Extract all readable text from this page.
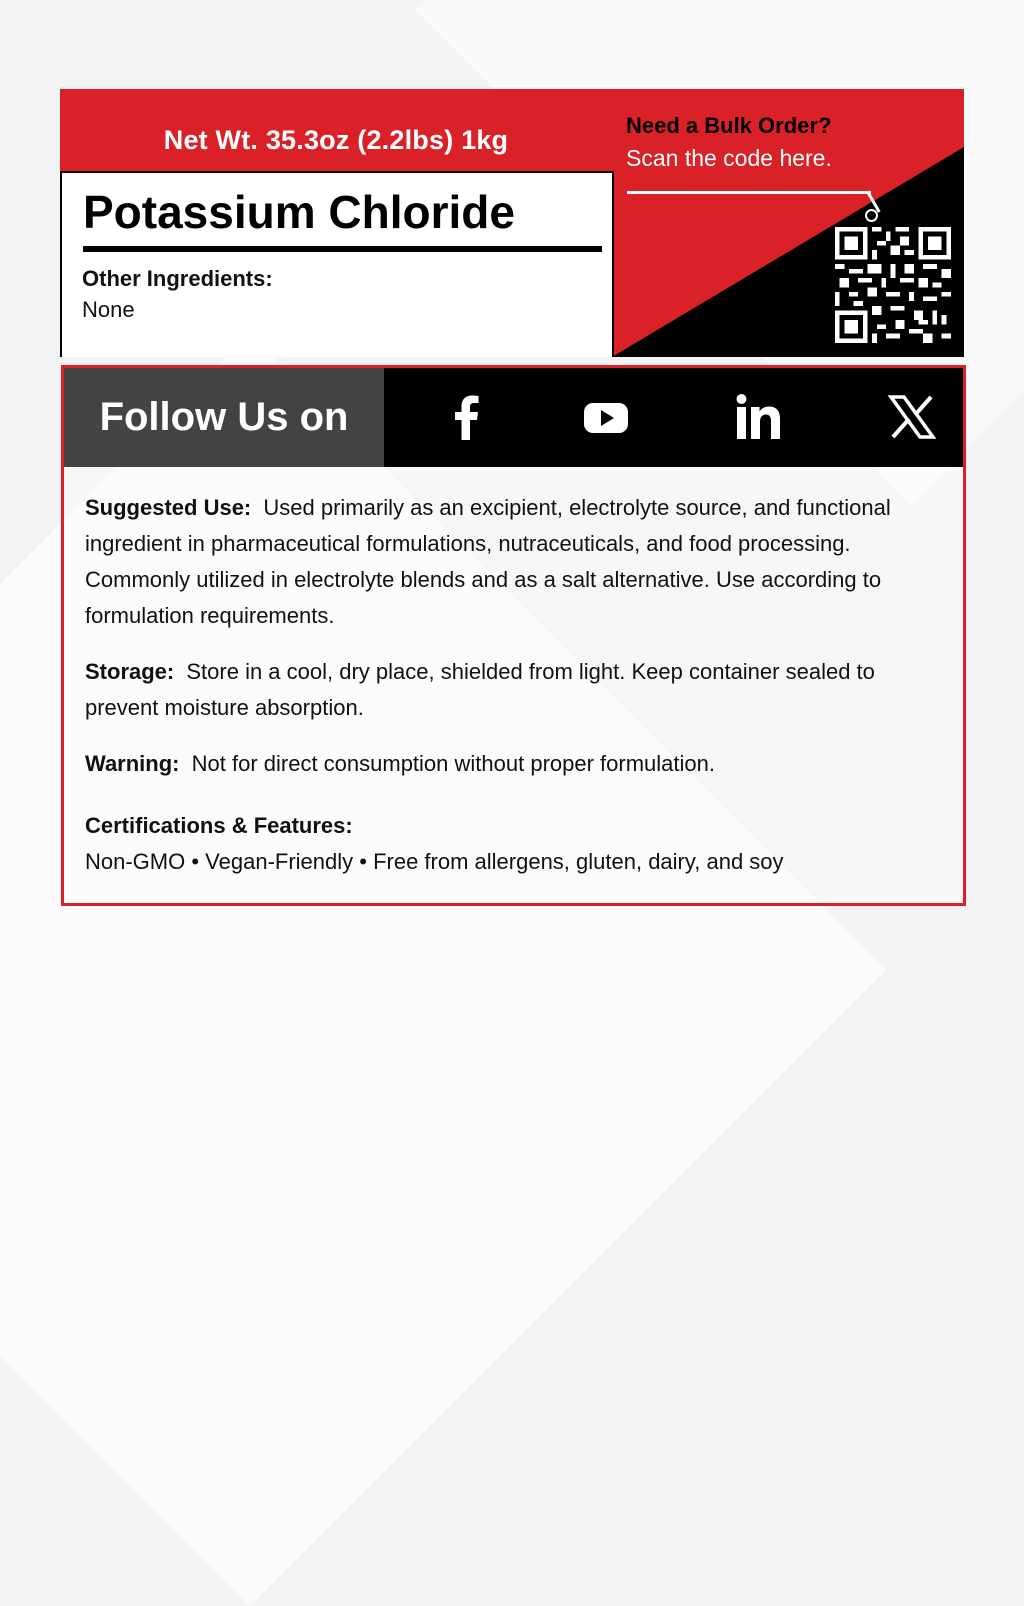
Net Wt. 35.3oz (2.2lbs) 1kg
Potassium Chloride
Other Ingredients:
None
Need a Bulk Order?
Scan the code here.
Follow Us on

Suggested Use: Used primarily as an excipient, electrolyte source, and functional ingredient in pharmaceutical formulations, nutraceuticals, and food processing. Commonly utilized in electrolyte blends and as a salt alternative. Use according to formulation requirements.

Storage: Store in a cool, dry place, shielded from light. Keep container sealed to prevent moisture absorption.

Warning: Not for direct consumption without proper formulation.

Certifications & Features:
Non-GMO • Vegan-Friendly • Free from allergens, gluten, dairy, and soy
